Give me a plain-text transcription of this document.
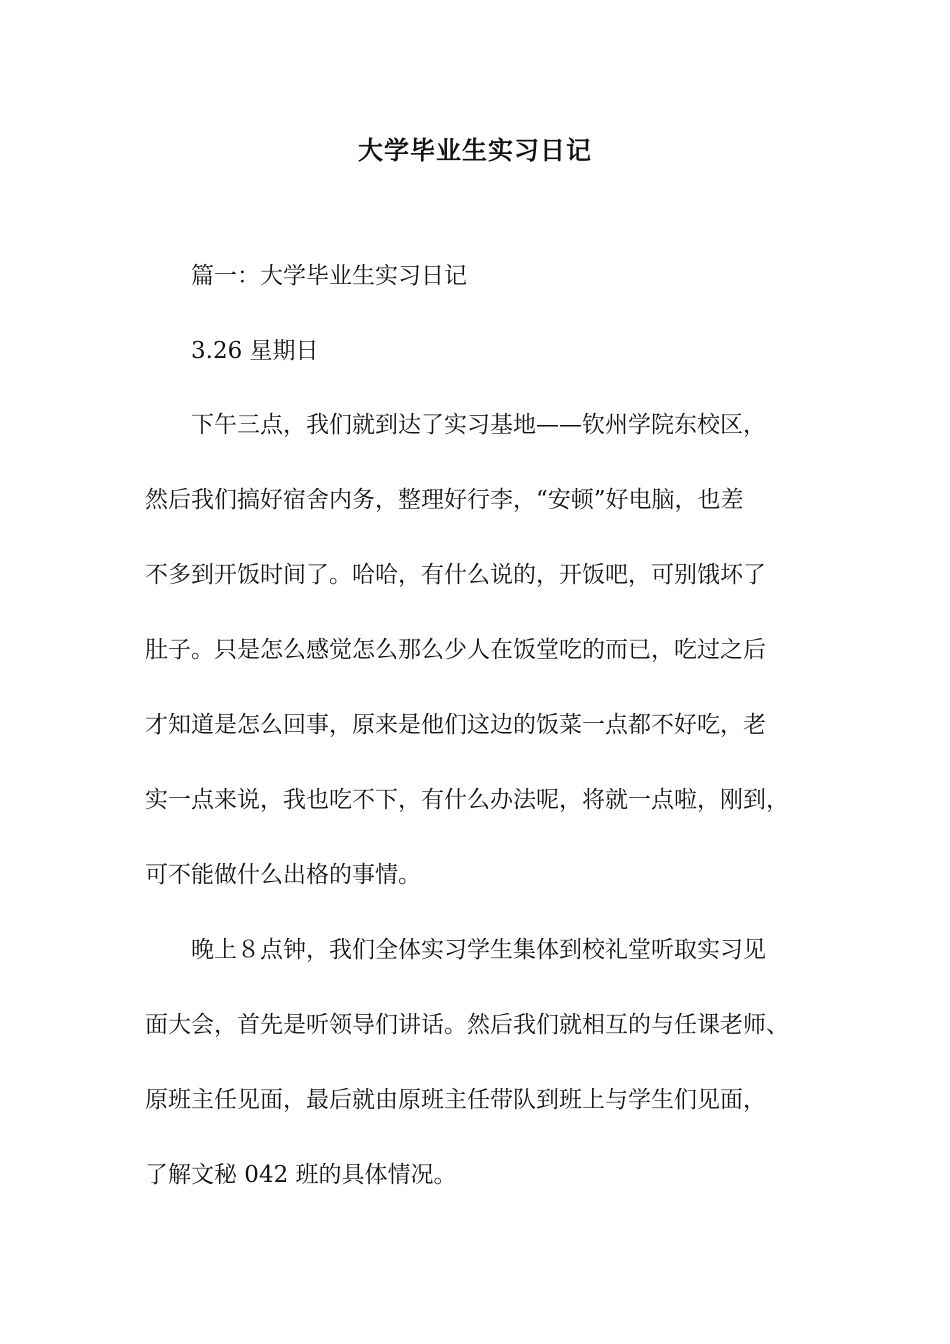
大学毕业生实习日记
篇一：大学毕业生实习日记
3.26 星期日
下午三点，我们就到达了实习基地——钦州学院东校区，
然后我们搞好宿舍内务，整理好行李，“安顿”好电脑，也差
不多到开饭时间了。哈哈，有什么说的，开饭吧，可别饿坏了
肚子。只是怎么感觉怎么那么少人在饭堂吃的而已，吃过之后
才知道是怎么回事，原来是他们这边的饭菜一点都不好吃，老
实一点来说，我也吃不下，有什么办法呢，将就一点啦，刚到，
可不能做什么出格的事情。
晚上８点钟，我们全体实习学生集体到校礼堂听取实习见
面大会，首先是听领导们讲话。然后我们就相互的与任课老师、
原班主任见面，最后就由原班主任带队到班上与学生们见面，
了解文秘 042 班的具体情况。
